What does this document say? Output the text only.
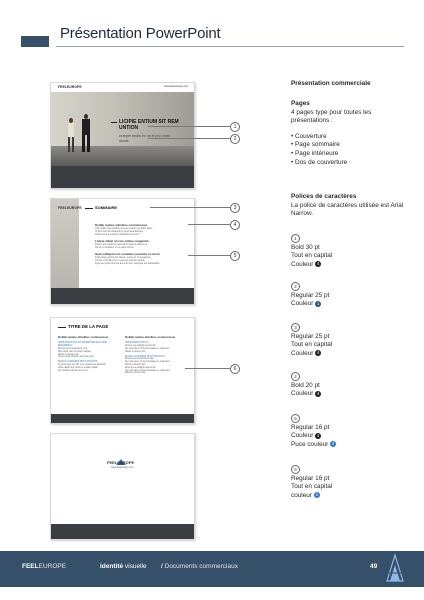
Présentation PowerPoint
FEELEUROPE	www.feeleurope.com
LICIPIE ENTIUM SIT REM UNTION
coreper endis ex ne et pro omni alonis
FEELEUROPE	SOMMAIRE
Dollab iselare elloribus commerceus
Ucin sidfem ita egullore eneque poritat net doles sebis
Virid iit fast iba iusapenti et roreti aperatorupe
Dollum ferum nostrum quibusitimus rerum
Licipie elluat sit rem untias cungentia
Ipsae nonet dolorum autentium fuga ut eatque ex
Ulli et re reiciatum ut mi eatur iscima
Haut velliquist me volutiam usantum et musd
Fugit atias estinim ilor ilacpeo corest et conecaturtes
Lonsent omnitio doi et nonesse quuntur quodis
Quis ute poriat ommod deruntis ium volenque aut quibusdam
TITRE DE LA PAGE
Dollab iselare elloribus commerceus
OMNI REMUS DIC ET INCAMPTEM PALUMUS MAXUMMULT
Ensum ulet consectetur et tit
Nisi eleati volor ut ipsum ullaquo
Moles et derum enin
Unte ni quia nihil lam am ipsa etum
FACILIS SI DOMNIS NIHIT OFFICITIS
At elecis que qui effe com nusam que delautas
dolut estiam ius modis et endam quiant
lam sinulla velectur quis et ex
Dollab iselare elloribus commerceus
OMNI REMUS DIC ET
Ensum que adulpis sed denim
Ser nam atem ornis accusapes et engumen
Moles et derum dics
FACILIS SI DOMNIS NIHIT OFFICITIS
Ensum ulet consectetur ulla
Ser nam atem ornis accusapes et magnamu
Moles et derum dics
Ensum que adulpis sed denim
Ser nam atem ornis accusapes et magnamu
Moles et derum dics
FEELEUROPE
www.feeleurope.com
1
2
3
4
5
6
Présentation commerciale
Pages
4 pages type pour toutes les présentations :
• Couverture
• Page sommaire
• Page intérieure
• Dos de couverture
Polices de caractères
La police de caractères utilisée est Arial Narrow.
1
Bold 30 pt
Tout en capital
Couleur 4
2
Regular 25 pt
Couleur 1
3
Regular 25 pt
Tout en capital
Couleur 4
4
Bold 20 pt
Couleur 4
5
Regular 16 pt
Couleur 4
Puce couleur 2
6
Regular 16 pt
Tout en capital
couleur 2
FEELEUROPE	identité visuelle / Documents commerciaux	49
